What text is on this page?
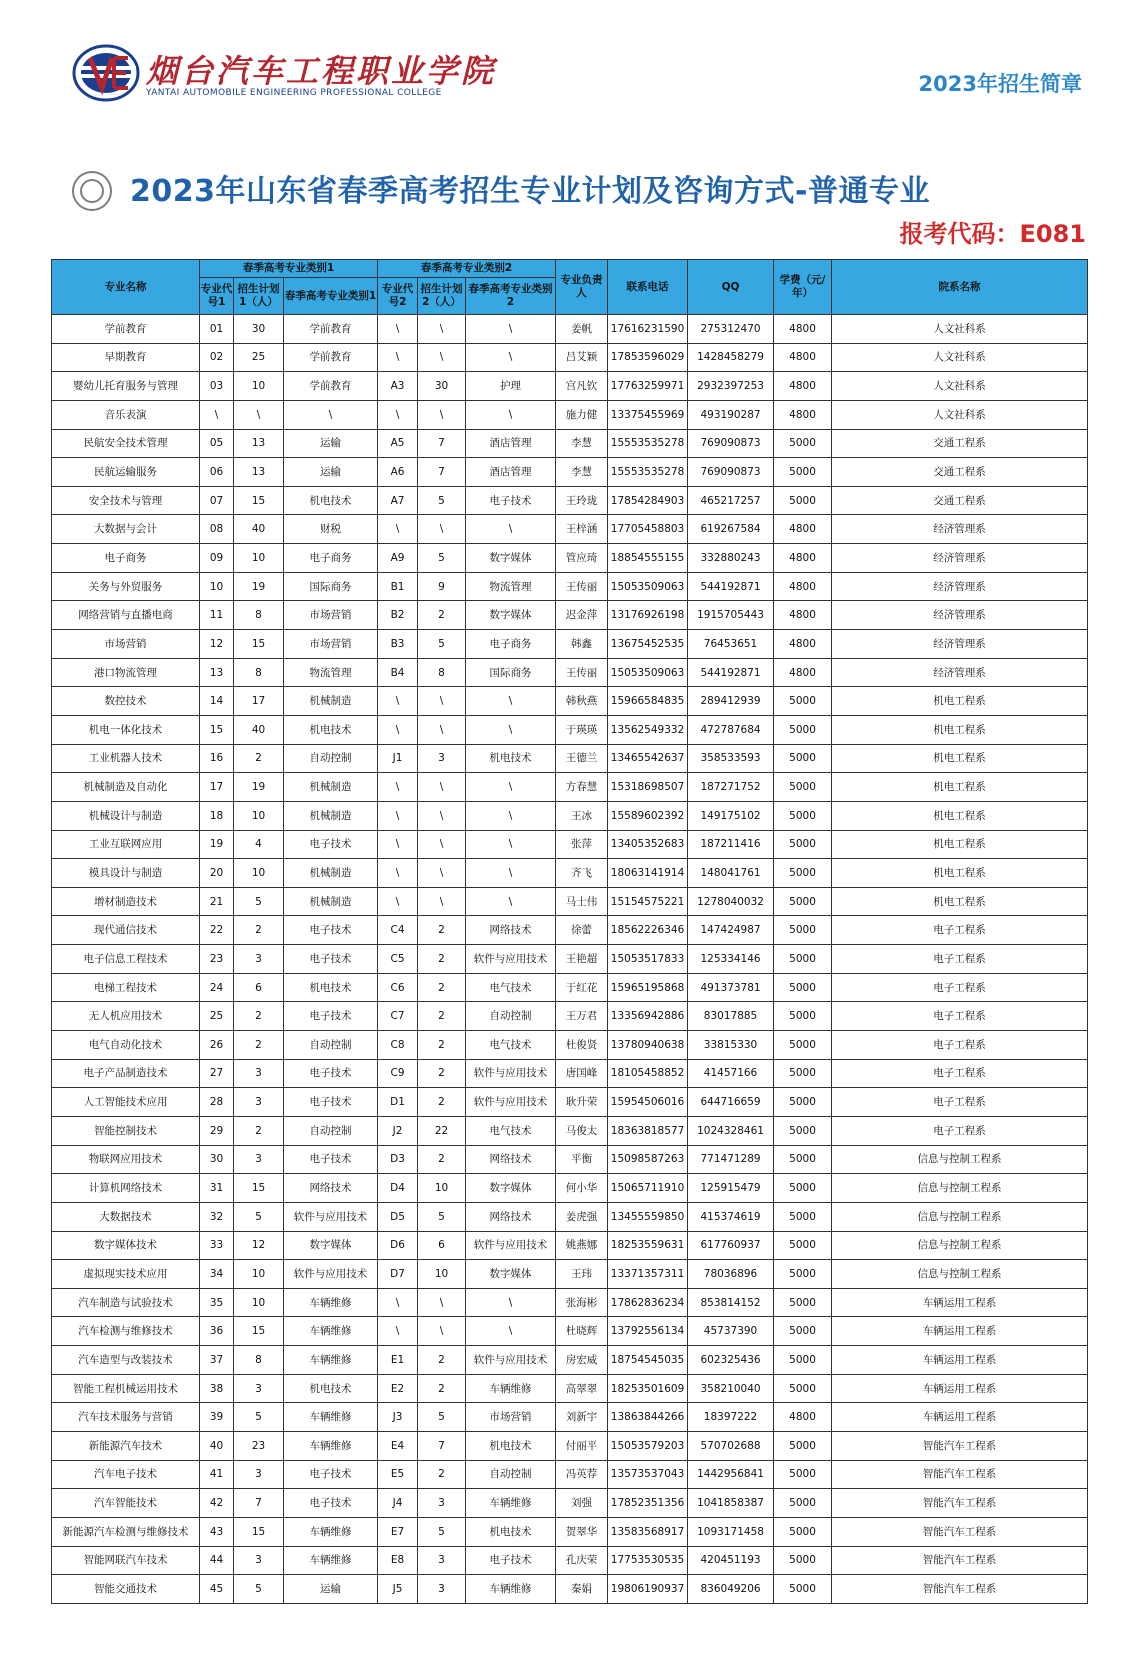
烟台汽车工程职业学院
YANTAI AUTOMOBILE ENGINEERING PROFESSIONAL COLLEGE	2023年招生简章
2023年山东省春季高考招生专业计划及咨询方式-普通专业
报考代码：E081
专业名称	春季高考专业类别1			春季高考专业类别2			专业负责人	联系电话	QQ	学费（元/年）	院系名称
	专业代号1	招生计划1（人）	春季高考专业类别1	专业代号2	招生计划2（人）	春季高考专业类别2					
学前教育	01	30	学前教育	\	\	\	姜帆	17616231590	275312470	4800	人文社科系
早期教育	02	25	学前教育	\	\	\	吕艾颖	17853596029	1428458279	4800	人文社科系
婴幼儿托育服务与管理	03	10	学前教育	A3	30	护理	宫凡钦	17763259971	2932397253	4800	人文社科系
音乐表演	\	\	\	\	\	\	施力健	13375455969	493190287	4800	人文社科系
民航安全技术管理	05	13	运输	A5	7	酒店管理	李慧	15553535278	769090873	5000	交通工程系
民航运输服务	06	13	运输	A6	7	酒店管理	李慧	15553535278	769090873	5000	交通工程系
安全技术与管理	07	15	机电技术	A7	5	电子技术	王玲珑	17854284903	465217257	5000	交通工程系
大数据与会计	08	40	财税	\	\	\	王梓涵	17705458803	619267584	4800	经济管理系
电子商务	09	10	电子商务	A9	5	数字媒体	管应琦	18854555155	332880243	4800	经济管理系
关务与外贸服务	10	19	国际商务	B1	9	物流管理	王传丽	15053509063	544192871	4800	经济管理系
网络营销与直播电商	11	8	市场营销	B2	2	数字媒体	迟金萍	13176926198	1915705443	4800	经济管理系
市场营销	12	15	市场营销	B3	5	电子商务	韩鑫	13675452535	76453651	4800	经济管理系
港口物流管理	13	8	物流管理	B4	8	国际商务	王传丽	15053509063	544192871	4800	经济管理系
数控技术	14	17	机械制造	\	\	\	韩秋燕	15966584835	289412939	5000	机电工程系
机电一体化技术	15	40	机电技术	\	\	\	于瑛瑛	13562549332	472787684	5000	机电工程系
工业机器人技术	16	2	自动控制	J1	3	机电技术	王德兰	13465542637	358533593	5000	机电工程系
机械制造及自动化	17	19	机械制造	\	\	\	方春慧	15318698507	187271752	5000	机电工程系
机械设计与制造	18	10	机械制造	\	\	\	王冰	15589602392	149175102	5000	机电工程系
工业互联网应用	19	4	电子技术	\	\	\	张萍	13405352683	187211416	5000	机电工程系
模具设计与制造	20	10	机械制造	\	\	\	齐飞	18063141914	148041761	5000	机电工程系
增材制造技术	21	5	机械制造	\	\	\	马士伟	15154575221	1278040032	5000	机电工程系
现代通信技术	22	2	电子技术	C4	2	网络技术	徐蕾	18562226346	147424987	5000	电子工程系
电子信息工程技术	23	3	电子技术	C5	2	软件与应用技术	王艳超	15053517833	125334146	5000	电子工程系
电梯工程技术	24	6	机电技术	C6	2	电气技术	于红花	15965195868	491373781	5000	电子工程系
无人机应用技术	25	2	电子技术	C7	2	自动控制	王万君	13356942886	83017885	5000	电子工程系
电气自动化技术	26	2	自动控制	C8	2	电气技术	杜俊贤	13780940638	33815330	5000	电子工程系
电子产品制造技术	27	3	电子技术	C9	2	软件与应用技术	唐国峰	18105458852	41457166	5000	电子工程系
人工智能技术应用	28	3	电子技术	D1	2	软件与应用技术	耿升荣	15954506016	644716659	5000	电子工程系
智能控制技术	29	2	自动控制	J2	22	电气技术	马俊太	18363818577	1024328461	5000	电子工程系
物联网应用技术	30	3	电子技术	D3	2	网络技术	平衡	15098587263	771471289	5000	信息与控制工程系
计算机网络技术	31	15	网络技术	D4	10	数字媒体	何小华	15065711910	125915479	5000	信息与控制工程系
大数据技术	32	5	软件与应用技术	D5	5	网络技术	姜虎强	13455559850	415374619	5000	信息与控制工程系
数字媒体技术	33	12	数字媒体	D6	6	软件与应用技术	姚燕娜	18253559631	617760937	5000	信息与控制工程系
虚拟现实技术应用	34	10	软件与应用技术	D7	10	数字媒体	王玮	13371357311	78036896	5000	信息与控制工程系
汽车制造与试验技术	35	10	车辆维修	\	\	\	张海彬	17862836234	853814152	5000	车辆运用工程系
汽车检测与维修技术	36	15	车辆维修	\	\	\	杜晓辉	13792556134	45737390	5000	车辆运用工程系
汽车造型与改装技术	37	8	车辆维修	E1	2	软件与应用技术	房宏威	18754545035	602325436	5000	车辆运用工程系
智能工程机械运用技术	38	3	机电技术	E2	2	车辆维修	高翠翠	18253501609	358210040	5000	车辆运用工程系
汽车技术服务与营销	39	5	车辆维修	J3	5	市场营销	刘新宇	13863844266	18397222	4800	车辆运用工程系
新能源汽车技术	40	23	车辆维修	E4	7	机电技术	付丽平	15053579203	570702688	5000	智能汽车工程系
汽车电子技术	41	3	电子技术	E5	2	自动控制	冯英荐	13573537043	1442956841	5000	智能汽车工程系
汽车智能技术	42	7	电子技术	J4	3	车辆维修	刘强	17852351356	1041858387	5000	智能汽车工程系
新能源汽车检测与维修技术	43	15	车辆维修	E7	5	机电技术	贺翠华	13583568917	1093171458	5000	智能汽车工程系
智能网联汽车技术	44	3	车辆维修	E8	3	电子技术	孔庆荣	17753530535	420451193	5000	智能汽车工程系
智能交通技术	45	5	运输	J5	3	车辆维修	秦娟	19806190937	836049206	5000	智能汽车工程系
